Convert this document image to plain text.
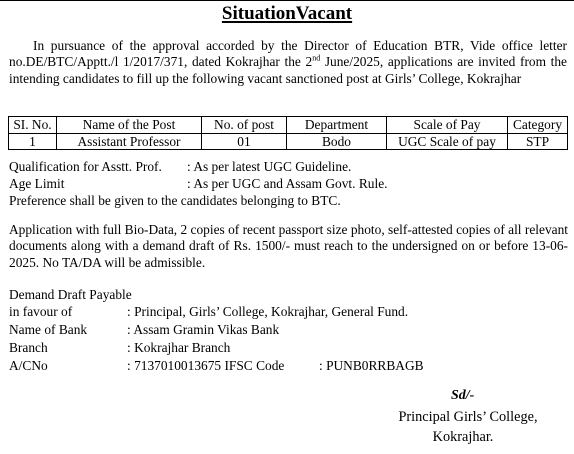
SituationVacant
In pursuance of the approval accorded by the Director of Education BTR, Vide office letter no.DE/BTC/Apptt./l 1/2017/371, dated Kokrajhar the 2nd June/2025, applications are invited from the intending candidates to fill up the following vacant sanctioned post at Girls’ College, Kokrajhar
SI. No.	Name of the Post	No. of post	Department	Scale of Pay	Category
1	Assistant Professor	01	Bodo	UGC Scale of pay	STP
Qualification for Asstt. Prof. : As per latest UGC Guideline.
Age Limit	: As per UGC and Assam Govt. Rule.
Preference shall be given to the candidates belonging to BTC.
Application with full Bio-Data, 2 copies of recent passport size photo, self-attested copies of all relevant documents along with a demand draft of Rs. 1500/- must reach to the undersigned on or before 13-06-2025. No TA/DA will be admissible.
Demand Draft Payable
in favour of	: Principal, Girls’ College, Kokrajhar, General Fund.
Name of Bank	: Assam Gramin Vikas Bank
Branch	: Kokrajhar Branch
A/CNo	: 7137010013675 IFSC Code	: PUNB0RRBAGB
Sd/-
Principal Girls’ College,
Kokrajhar.
